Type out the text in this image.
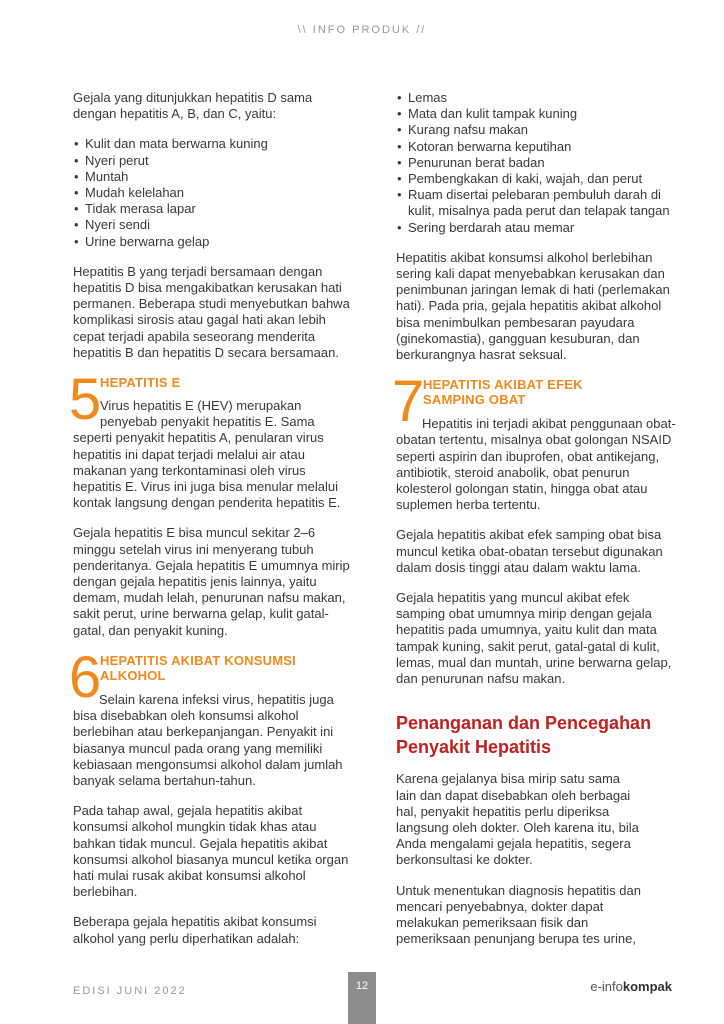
\\ INFO PRODUK //

Gejala yang ditunjukkan hepatitis D sama dengan hepatitis A, B, dan C, yaitu:

• Kulit dan mata berwarna kuning
• Nyeri perut
• Muntah
• Mudah kelelahan
• Tidak merasa lapar
• Nyeri sendi
• Urine berwarna gelap

Hepatitis B yang terjadi bersamaan dengan hepatitis D bisa mengakibatkan kerusakan hati permanen. Beberapa studi menyebutkan bahwa komplikasi sirosis atau gagal hati akan lebih cepat terjadi apabila seseorang menderita hepatitis B dan hepatitis D secara bersamaan.

5
HEPATITIS E
Virus hepatitis E (HEV) merupakan penyebab penyakit hepatitis E. Sama
seperti penyakit hepatitis A, penularan virus hepatitis ini dapat terjadi melalui air atau makanan yang terkontaminasi oleh virus hepatitis E. Virus ini juga bisa menular melalui kontak langsung dengan penderita hepatitis E.

Gejala hepatitis E bisa muncul sekitar 2–6 minggu setelah virus ini menyerang tubuh penderitanya. Gejala hepatitis E umumnya mirip dengan gejala hepatitis jenis lainnya, yaitu demam, mudah lelah, penurunan nafsu makan, sakit perut, urine berwarna gelap, kulit gatal-gatal, dan penyakit kuning.

6
HEPATITIS AKIBAT KONSUMSI ALKOHOL
Selain karena infeksi virus, hepatitis juga bisa disebabkan oleh konsumsi alkohol berlebihan atau berkepanjangan. Penyakit ini biasanya muncul pada orang yang memiliki kebiasaan mengonsumsi alkohol dalam jumlah banyak selama bertahun-tahun.

Pada tahap awal, gejala hepatitis akibat konsumsi alkohol mungkin tidak khas atau bahkan tidak muncul. Gejala hepatitis akibat konsumsi alkohol biasanya muncul ketika organ hati mulai rusak akibat konsumsi alkohol berlebihan.

Beberapa gejala hepatitis akibat konsumsi alkohol yang perlu diperhatikan adalah:

• Lemas
• Mata dan kulit tampak kuning
• Kurang nafsu makan
• Kotoran berwarna keputihan
• Penurunan berat badan
• Pembengkakan di kaki, wajah, dan perut
• Ruam disertai pelebaran pembuluh darah di kulit, misalnya pada perut dan telapak tangan
• Sering berdarah atau memar

Hepatitis akibat konsumsi alkohol berlebihan sering kali dapat menyebabkan kerusakan dan penimbunan jaringan lemak di hati (perlemakan hati). Pada pria, gejala hepatitis akibat alkohol bisa menimbulkan pembesaran payudara (ginekomastia), gangguan kesuburan, dan berkurangnya hasrat seksual.

7
HEPATITIS AKIBAT EFEK SAMPING OBAT
Hepatitis ini terjadi akibat penggunaan obat-obatan tertentu, misalnya obat golongan NSAID seperti aspirin dan ibuprofen, obat antikejang, antibiotik, steroid anabolik, obat penurun kolesterol golongan statin, hingga obat atau suplemen herba tertentu.

Gejala hepatitis akibat efek samping obat bisa muncul ketika obat-obatan tersebut digunakan dalam dosis tinggi atau dalam waktu lama.

Gejala hepatitis yang muncul akibat efek samping obat umumnya mirip dengan gejala hepatitis pada umumnya, yaitu kulit dan mata tampak kuning, sakit perut, gatal-gatal di kulit, lemas, mual dan muntah, urine berwarna gelap, dan penurunan nafsu makan.

Penanganan dan Pencegahan Penyakit Hepatitis

Karena gejalanya bisa mirip satu sama lain dan dapat disebabkan oleh berbagai hal, penyakit hepatitis perlu diperiksa langsung oleh dokter. Oleh karena itu, bila Anda mengalami gejala hepatitis, segera berkonsultasi ke dokter.

Untuk menentukan diagnosis hepatitis dan mencari penyebabnya, dokter dapat melakukan pemeriksaan fisik dan pemeriksaan penunjang berupa tes urine,

EDISI JUNI 2022	12	e-infokompak
